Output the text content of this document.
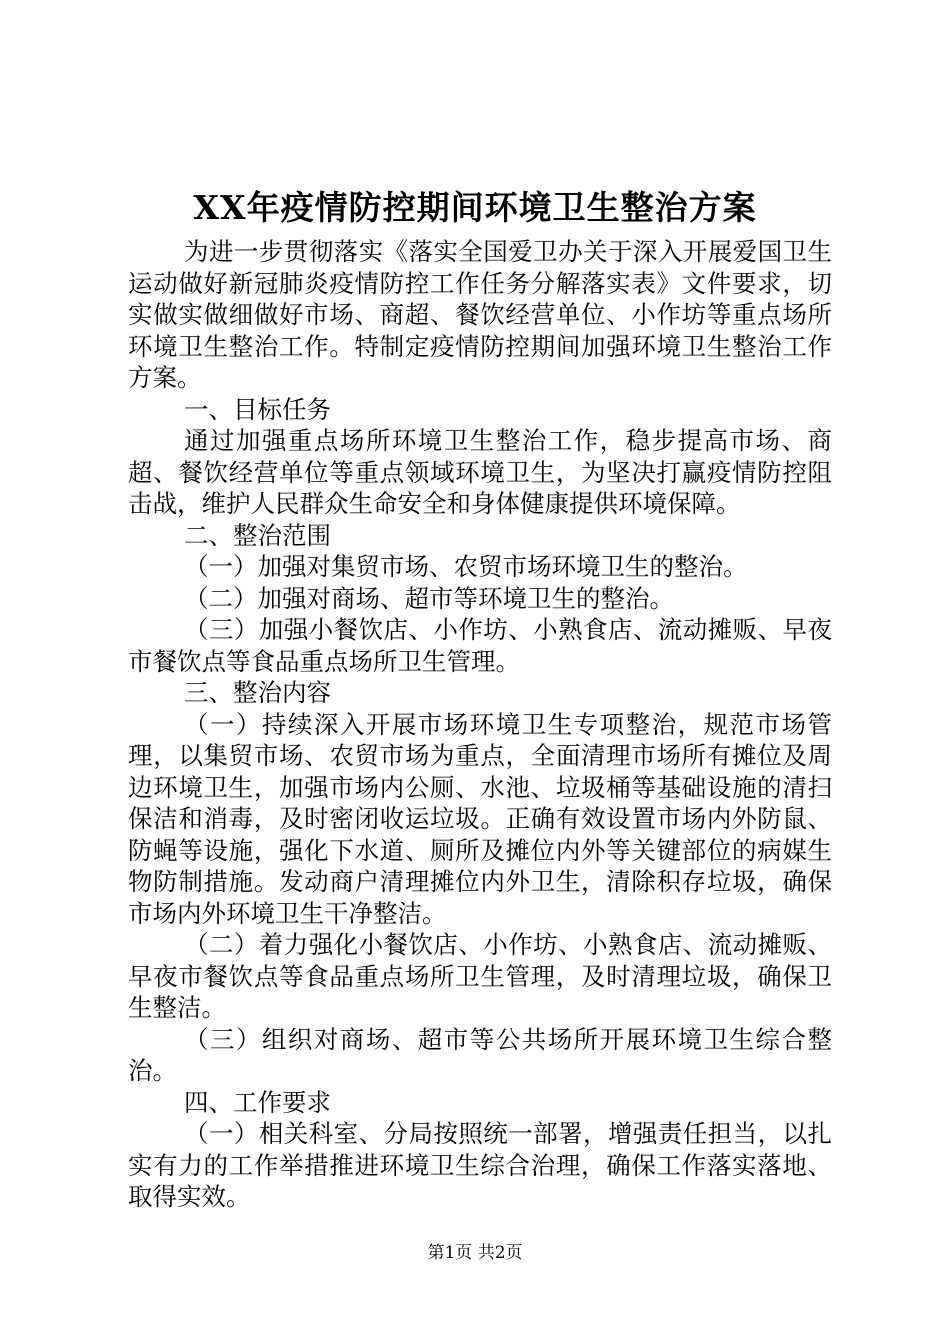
XX年疫情防控期间环境卫生整治方案

为进一步贯彻落实《落实全国爱卫办关于深入开展爱国卫生运动做好新冠肺炎疫情防控工作任务分解落实表》文件要求，切实做实做细做好市场、商超、餐饮经营单位、小作坊等重点场所环境卫生整治工作。特制定疫情防控期间加强环境卫生整治工作方案。

一、目标任务

通过加强重点场所环境卫生整治工作，稳步提高市场、商超、餐饮经营单位等重点领域环境卫生，为坚决打赢疫情防控阻击战，维护人民群众生命安全和身体健康提供环境保障。

二、整治范围

（一）加强对集贸市场、农贸市场环境卫生的整治。

（二）加强对商场、超市等环境卫生的整治。

（三）加强小餐饮店、小作坊、小熟食店、流动摊贩、早夜市餐饮点等食品重点场所卫生管理。

三、整治内容

（一）持续深入开展市场环境卫生专项整治，规范市场管理，以集贸市场、农贸市场为重点，全面清理市场所有摊位及周边环境卫生，加强市场内公厕、水池、垃圾桶等基础设施的清扫保洁和消毒，及时密闭收运垃圾。正确有效设置市场内外防鼠、防蝇等设施，强化下水道、厕所及摊位内外等关键部位的病媒生物防制措施。发动商户清理摊位内外卫生，清除积存垃圾，确保市场内外环境卫生干净整洁。

（二）着力强化小餐饮店、小作坊、小熟食店、流动摊贩、早夜市餐饮点等食品重点场所卫生管理，及时清理垃圾，确保卫生整洁。

（三）组织对商场、超市等公共场所开展环境卫生综合整治。

四、工作要求

（一）相关科室、分局按照统一部署，增强责任担当，以扎实有力的工作举措推进环境卫生综合治理，确保工作落实落地、取得实效。

第1页 共2页
